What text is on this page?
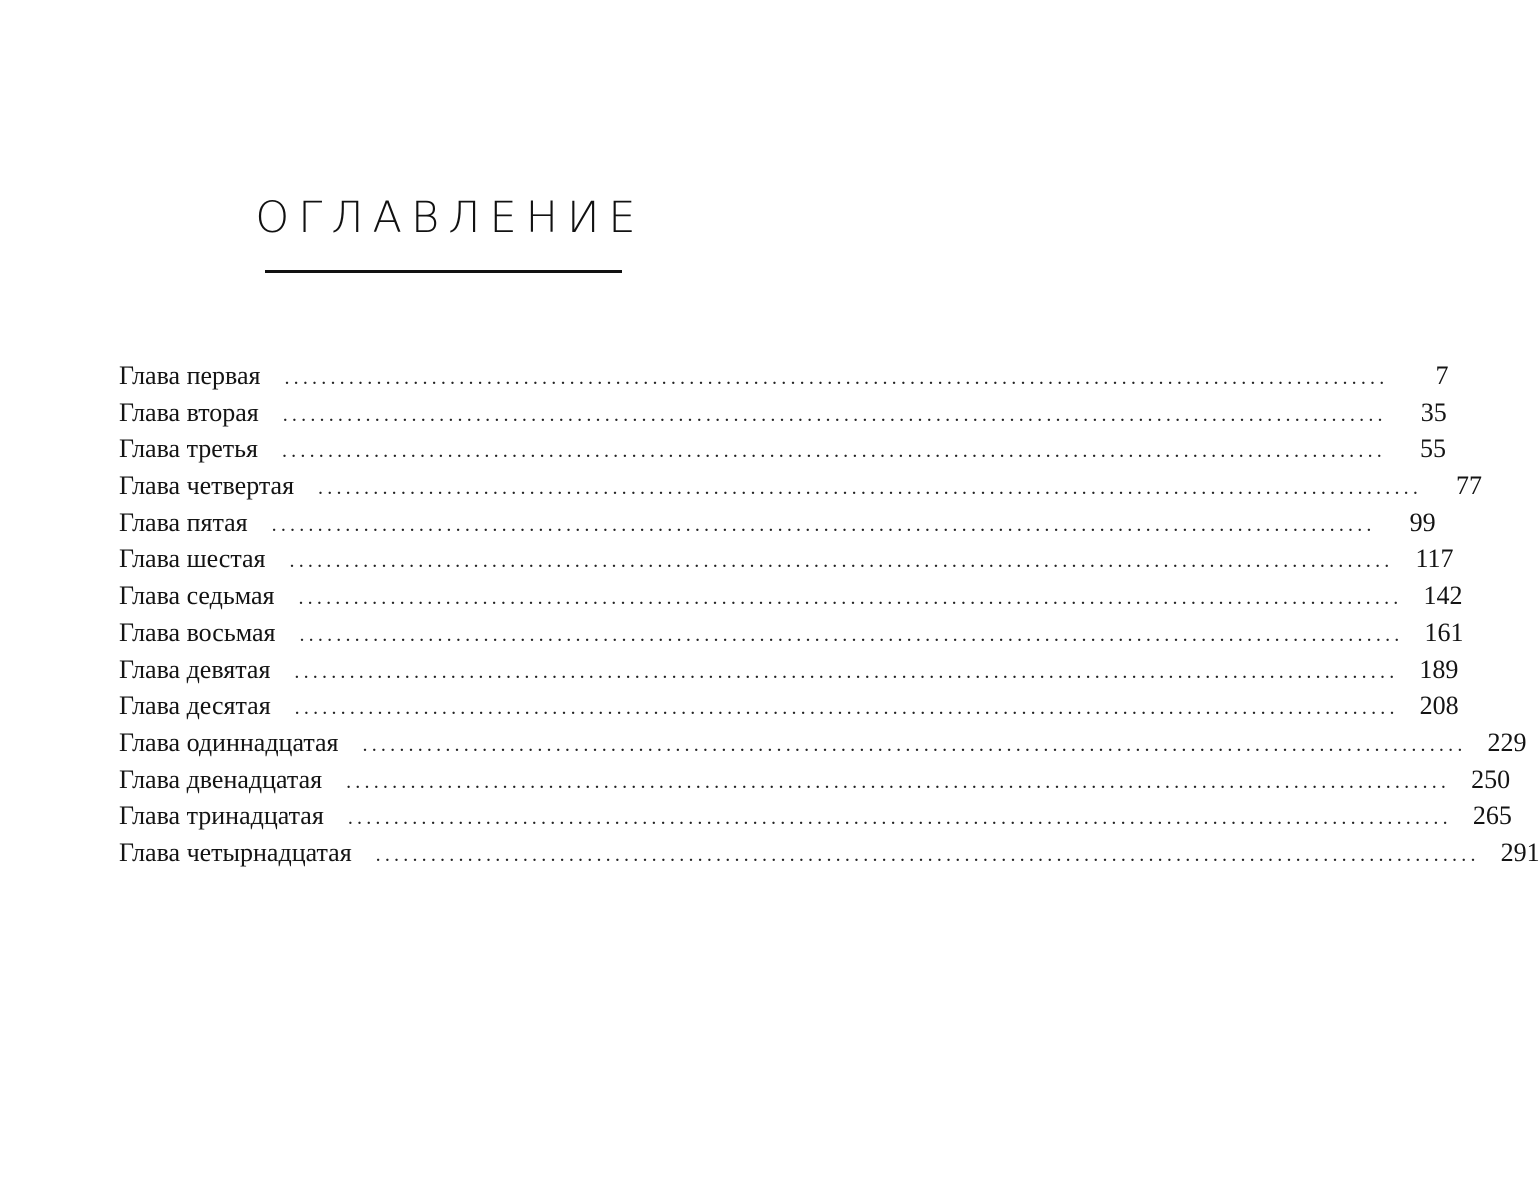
ОГЛАВЛЕНИЕ
Глава первая ........................................................................................................................	7
Глава вторая ........................................................................................................................	35
Глава третья ........................................................................................................................	55
Глава четвертая ........................................................................................................................	77
Глава пятая ........................................................................................................................	99
Глава шестая ........................................................................................................................ 117
Глава седьмая ........................................................................................................................ 142
Глава восьмая ........................................................................................................................ 161
Глава девятая ........................................................................................................................ 189
Глава десятая ........................................................................................................................ 208
Глава одиннадцатая ........................................................................................................................ 229
Глава двенадцатая ........................................................................................................................ 250
Глава тринадцатая ........................................................................................................................ 265
Глава четырнадцатая ........................................................................................................................ 291
